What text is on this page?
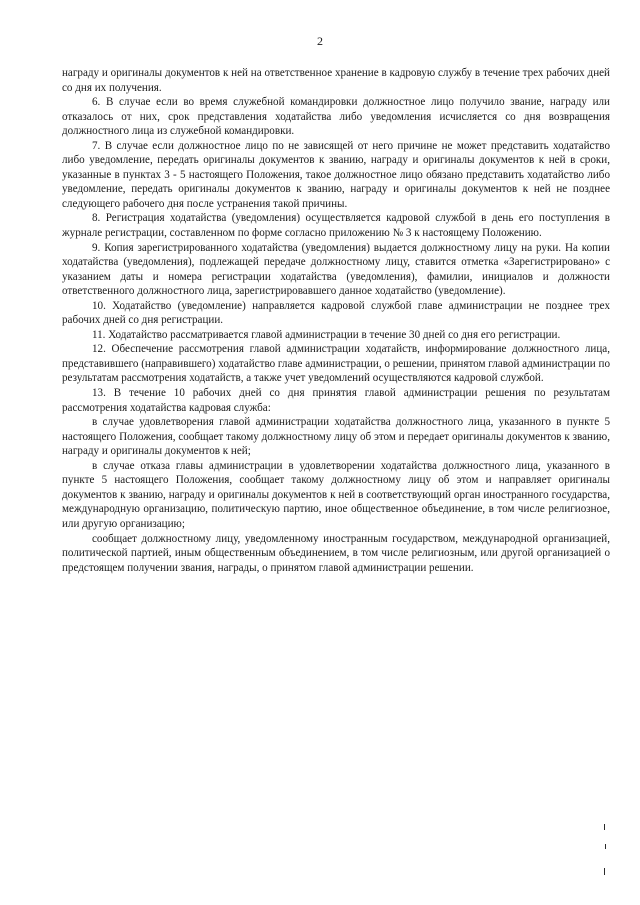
2

наградy и оригиналы документов к ней на ответственное хранение в кадровую службу в течение трех рабочих дней со дня их получения.

6. В случае если во время служебной командировки должностное лицо получило звание, награду или отказалось от них, срок представления ходатайства либо уведомления исчисляется со дня возвращения должностного лица из служебной командировки.

7. В случае если должностное лицо по не зависящей от него причине не может представить ходатайство либо уведомление, передать оригиналы документов к званию, награду и оригиналы документов к ней в сроки, указанные в пунктах 3 - 5 настоящего Положения, такое должностное лицо обязано представить ходатайство либо уведомление, передать оригиналы документов к званию, награду и оригиналы документов к ней не позднее следующего рабочего дня после устранения такой причины.

8. Регистрация ходатайства (уведомления) осуществляется кадровой службой в день его поступления в журнале регистрации, составленном по форме согласно приложению № 3 к настоящему Положению.

9. Копия зарегистрированного ходатайства (уведомления) выдается должностному лицу на руки. На копии ходатайства (уведомления), подлежащей передаче должностному лицу, ставится отметка «Зарегистрировано» с указанием даты и номера регистрации ходатайства (уведомления), фамилии, инициалов и должности ответственного должностного лица, зарегистрировавшего данное ходатайство (уведомление).

10. Ходатайство (уведомление) направляется кадровой службой главе администрации не позднее трех рабочих дней со дня регистрации.

11. Ходатайство рассматривается главой администрации в течение 30 дней со дня его регистрации.

12. Обеспечение рассмотрения главой администрации ходатайств, информирование должностного лица, представившего (направившего) ходатайство главе администрации, о решении, принятом главой администрации по результатам рассмотрения ходатайств, а также учет уведомлений осуществляются кадровой службой.

13. В течение 10 рабочих дней со дня принятия главой администрации решения по результатам рассмотрения ходатайства кадровая служба:

в случае удовлетворения главой администрации ходатайства должностного лица, указанного в пункте 5 настоящего Положения, сообщает такому должностному лицу об этом и передает оригиналы документов к званию, награду и оригиналы документов к ней;

в случае отказа главы администрации в удовлетворении ходатайства должностного лица, указанного в пункте 5 настоящего Положения, сообщает такому должностному лицу об этом и направляет оригиналы документов к званию, награду и оригиналы документов к ней в соответствующий орган иностранного государства, международную организацию, политическую партию, иное общественное объединение, в том числе религиозное, или другую организацию;

сообщает должностному лицу, уведомленному иностранным государством, международной организацией, политической партией, иным общественным объединением, в том числе религиозным, или другой организацией о предстоящем получении звания, награды, о принятом главой администрации решении.
